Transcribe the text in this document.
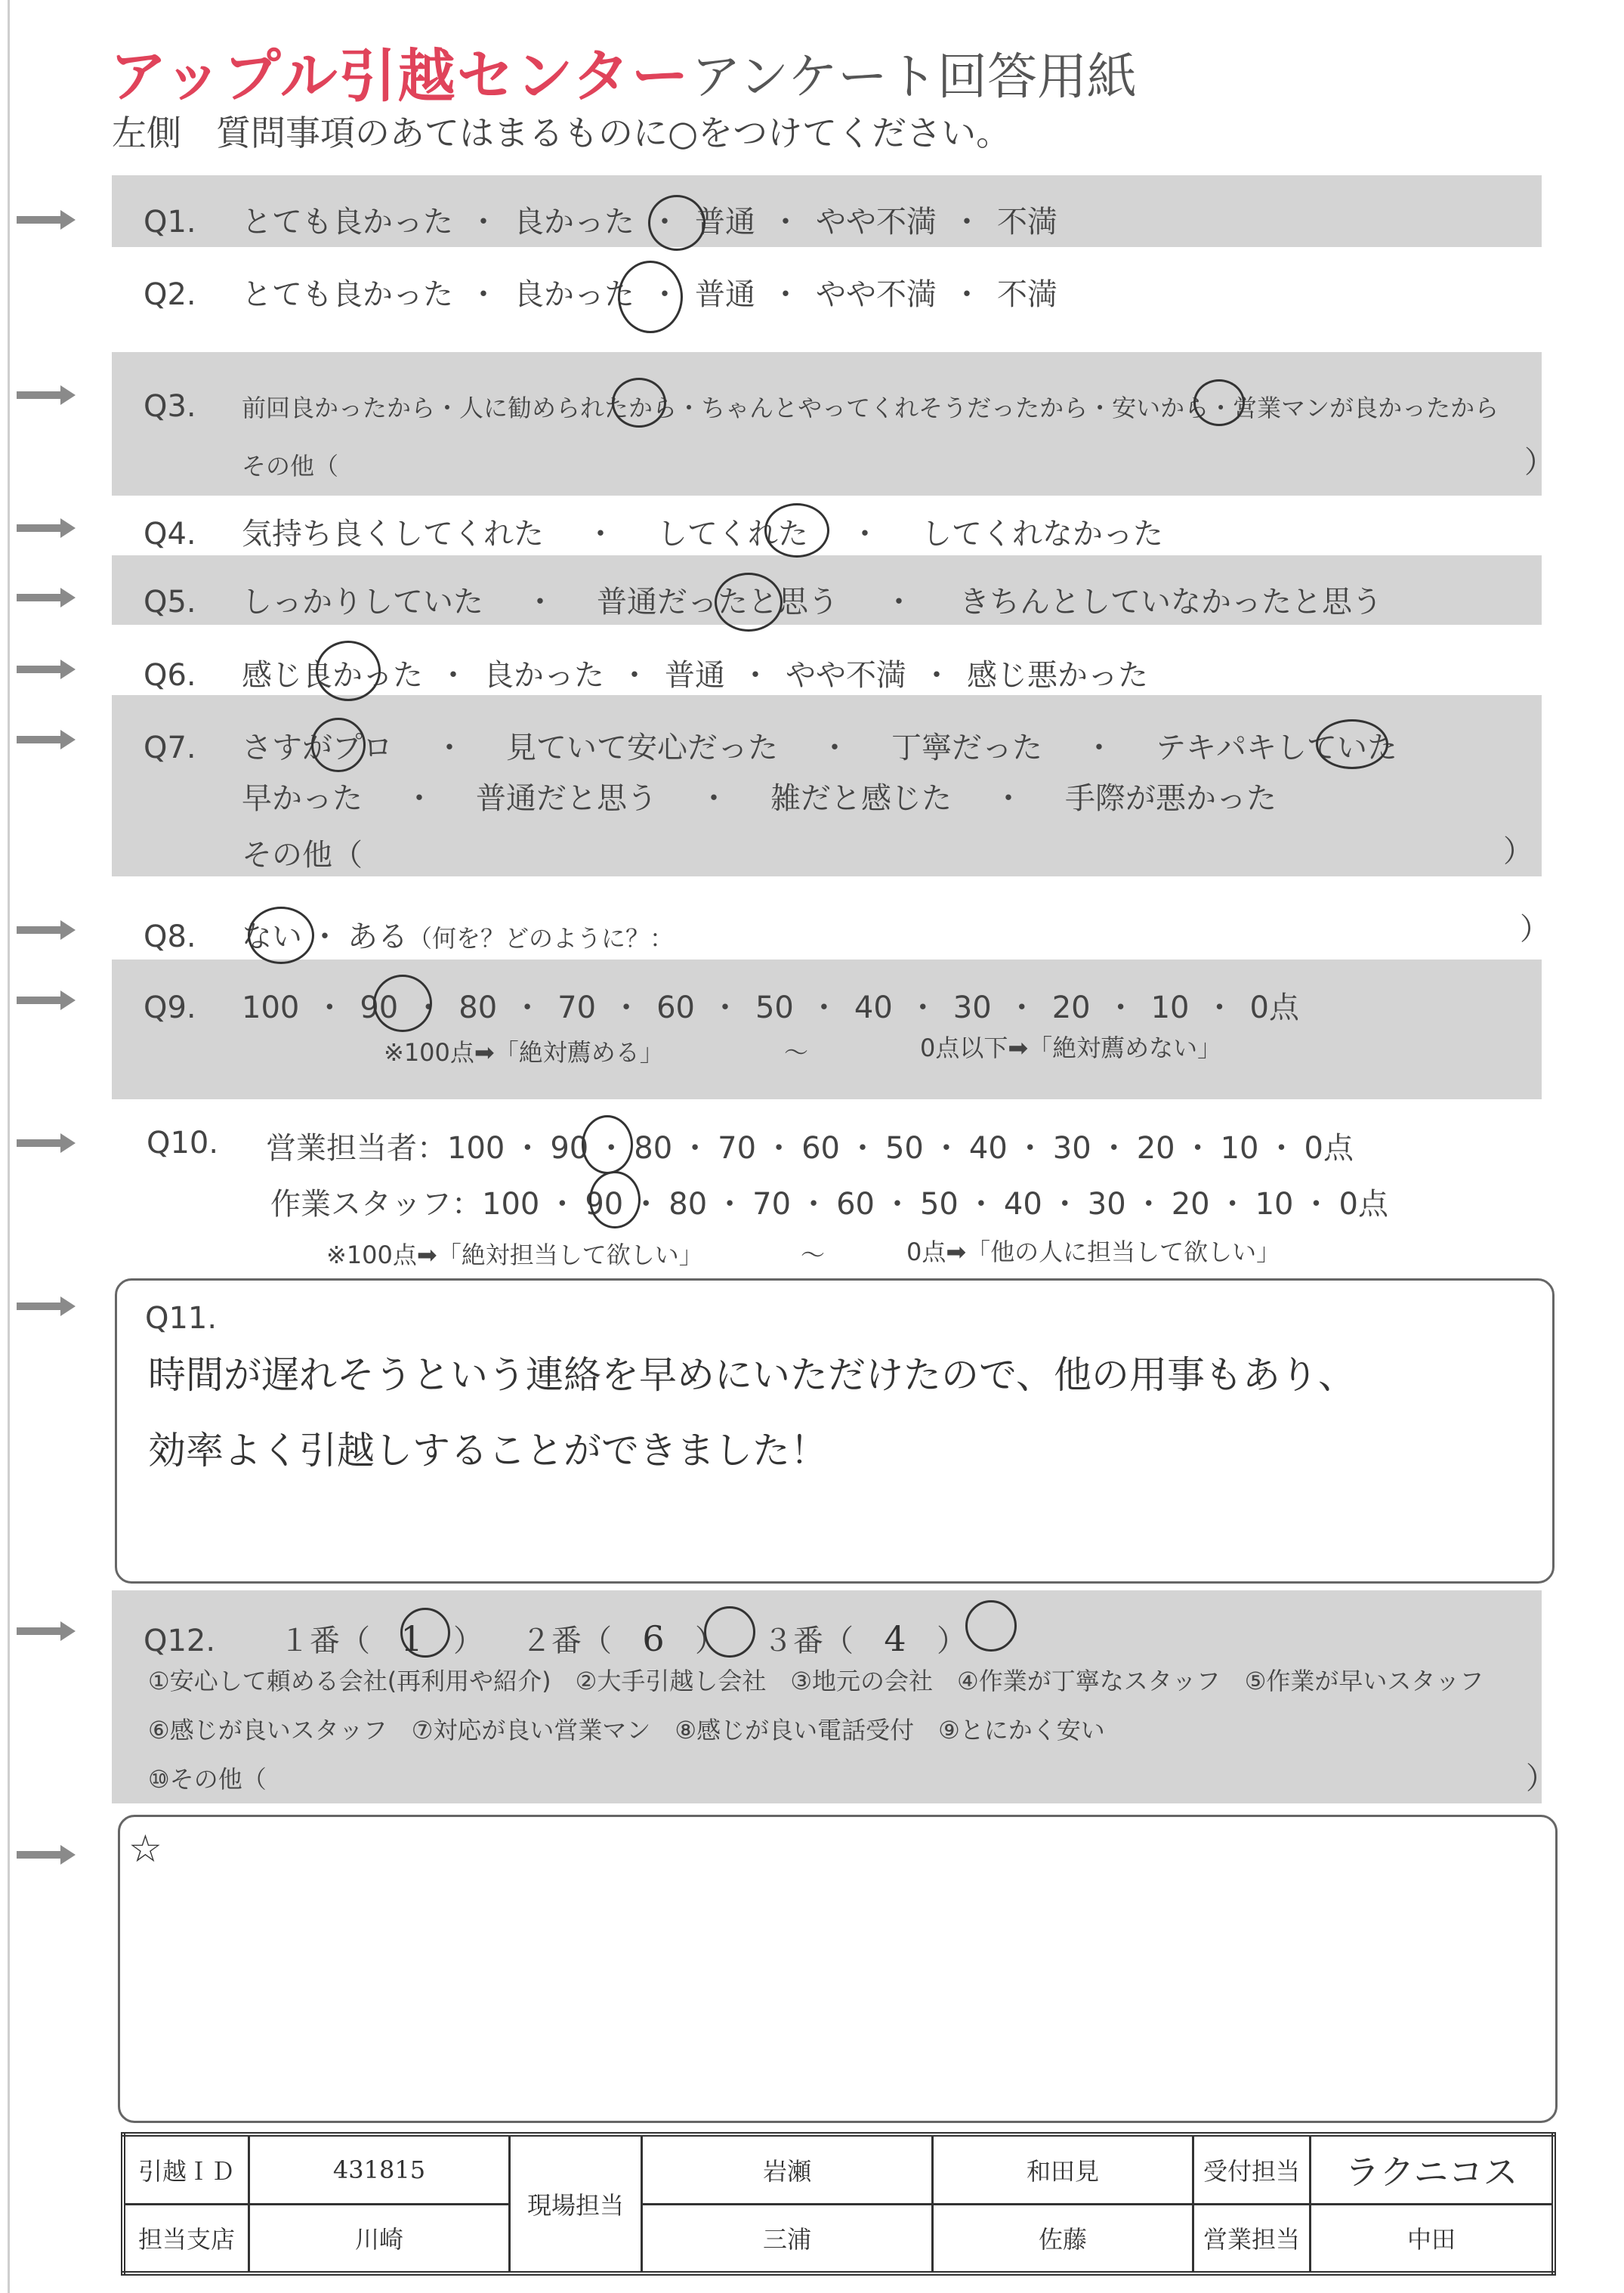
アップル引越センター アンケート回答用紙
左側　質問事項のあてはまるものに○をつけてください。
Q1. とても良かった ・ 良かった ・ 普通 ・ やや不満 ・ 不満
Q2. とても良かった ・ 良かった ・ 普通 ・ やや不満 ・ 不満
Q3. 前回良かったから・人に勧められたから・ちゃんとやってくれそうだったから・安いから・営業マンが良かったから
その他（	）
Q4. 気持ち良くしてくれた ・ してくれた ・ してくれなかった
Q5. しっかりしていた ・ 普通だったと思う ・ きちんとしていなかったと思う
Q6. 感じ良かった ・ 良かった ・ 普通 ・ やや不満 ・ 感じ悪かった
Q7. さすがプロ ・ 見ていて安心だった ・ 丁寧だった ・ テキパキしていた
早かった ・ 普通だと思う ・ 雑だと感じた ・ 手際が悪かった
その他（	）
Q8. ない ・ ある（何を？どのように？：	）
Q9. 100 ・ 90 ・ 80 ・ 70 ・ 60 ・ 50 ・ 40 ・ 30 ・ 20 ・ 10 ・ 0点
※100点➡「絶対薦める」	〜	0点以下➡「絶対薦めない」
Q10. 営業担当者：100 ・ 90 ・ 80 ・ 70 ・ 60 ・ 50 ・ 40 ・ 30 ・ 20 ・ 10 ・ 0点
作業スタッフ：100 ・ 90 ・ 80 ・ 70 ・ 60 ・ 50 ・ 40 ・ 30 ・ 20 ・ 10 ・ 0点
※100点➡「絶対担当して欲しい」	〜	0点➡「他の人に担当して欲しい」
Q11.
時間が遅れそうという連絡を早めにいただけたので、他の用事もあり、
効率よく引越しすることができました！
Q12. １番（ 1 ） ２番（ 6 ） ３番（ 4 ）
①安心して頼める会社(再利用や紹介)　②大手引越し会社　③地元の会社　④作業が丁寧なスタッフ　⑤作業が早いスタッフ
⑥感じが良いスタッフ　⑦対応が良い営業マン　⑧感じが良い電話受付　⑨とにかく安い
⑩その他（	）
☆
引越ＩＤ	431815	現場担当	岩瀬	和田見	受付担当	ラクニコス
担当支店	川崎		三浦	佐藤	営業担当	中田
